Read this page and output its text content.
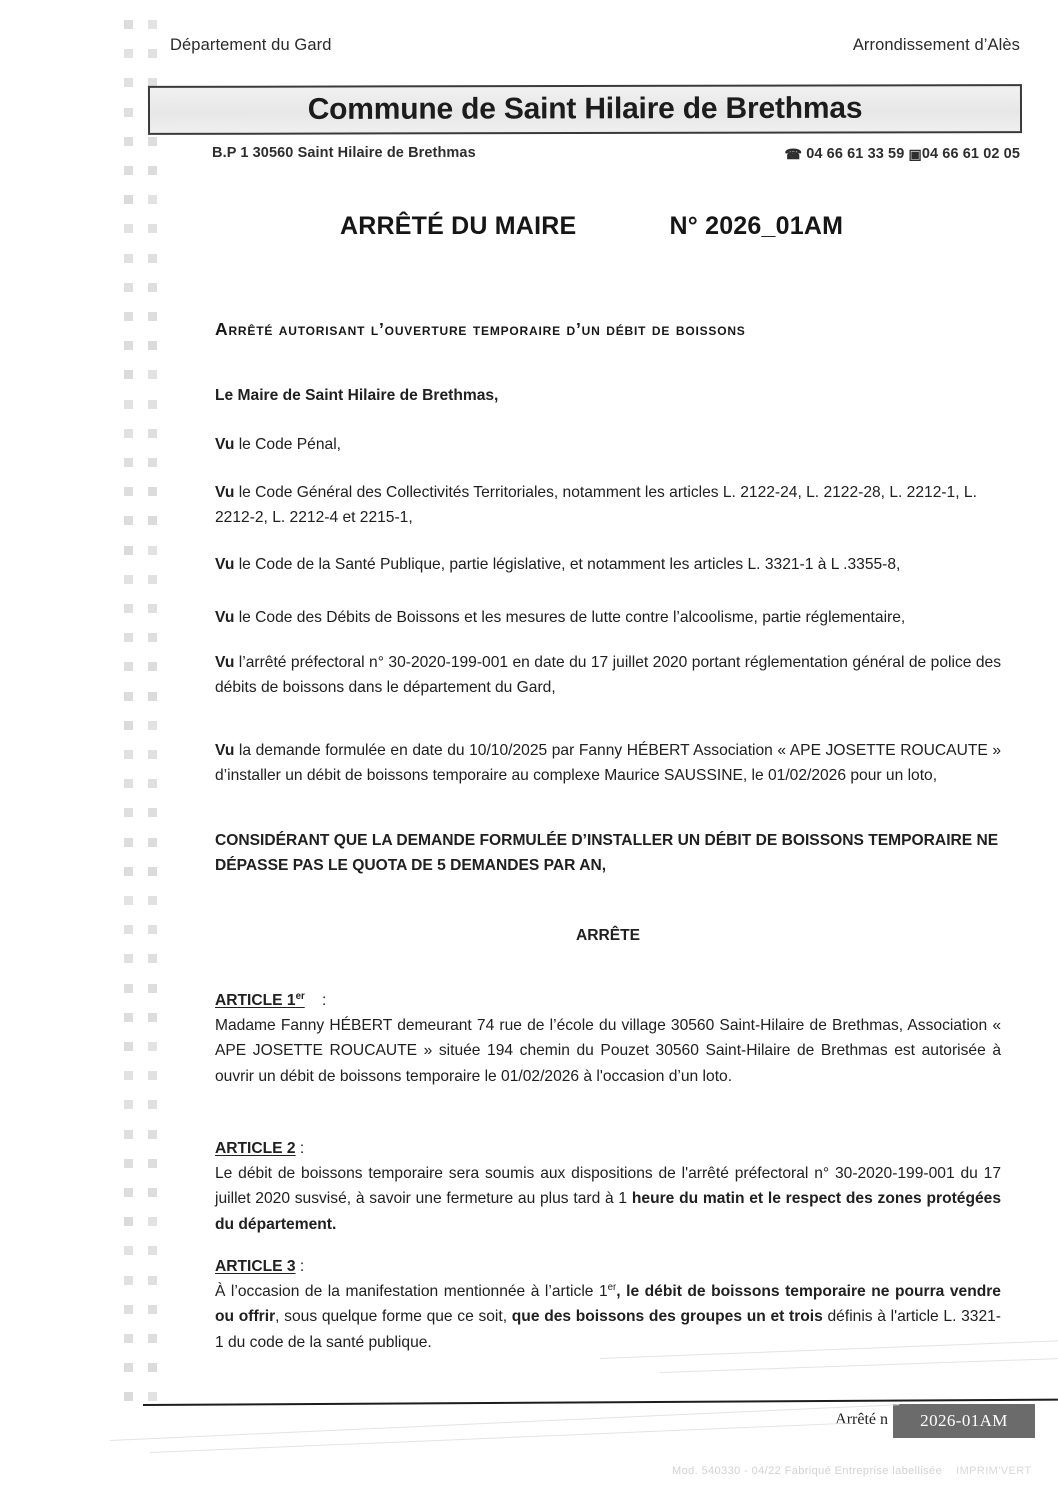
Département du Gard	Arrondissement d’Alès
Commune de Saint Hilaire de Brethmas
B.P 1 30560 Saint Hilaire de Brethmas	☎ 04 66 61 33 59 ▣04 66 61 02 05
ARRÊTÉ DU MAIRE	N° 2026_01AM
Arrêté autorisant l’ouverture temporaire d’un débit de boissons
Le Maire de Saint Hilaire de Brethmas,
Vu le Code Pénal,
Vu le Code Général des Collectivités Territoriales, notamment les articles L. 2122-24, L. 2122-28, L. 2212-1, L. 2212-2, L. 2212-4 et 2215-1,
Vu le Code de la Santé Publique, partie législative, et notamment les articles L. 3321-1 à L .3355-8,
Vu le Code des Débits de Boissons et les mesures de lutte contre l’alcoolisme, partie réglementaire,
Vu l’arrêté préfectoral n° 30-2020-199-001 en date du 17 juillet 2020 portant réglementation général de police des débits de boissons dans le département du Gard,
Vu la demande formulée en date du 10/10/2025 par Fanny HÉBERT Association « APE JOSETTE ROUCAUTE » d’installer un débit de boissons temporaire au complexe Maurice SAUSSINE, le 01/02/2026 pour un loto,
CONSIDÉRANT QUE LA DEMANDE FORMULÉE D’INSTALLER UN DÉBIT DE BOISSONS TEMPORAIRE NE DÉPASSE PAS LE QUOTA DE 5 DEMANDES PAR AN,
ARRÊTE
ARTICLE 1er	:
Madame Fanny HÉBERT demeurant 74 rue de l’école du village 30560 Saint-Hilaire de Brethmas, Association « APE JOSETTE ROUCAUTE » située 194 chemin du Pouzet 30560 Saint-Hilaire de Brethmas est autorisée à ouvrir un débit de boissons temporaire le 01/02/2026 à l'occasion d’un loto.
ARTICLE 2 :
Le débit de boissons temporaire sera soumis aux dispositions de l'arrêté préfectoral n° 30-2020-199-001 du 17 juillet 2020 susvisé, à savoir une fermeture au plus tard à 1 heure du matin et le respect des zones protégées du département.
ARTICLE 3 :
À l’occasion de la manifestation mentionnée à l’article 1er, le débit de boissons temporaire ne pourra vendre ou offrir, sous quelque forme que ce soit, que des boissons des groupes un et trois définis à l'article L. 3321-1 du code de la santé publique.
Arrêté n	2026-01AM
Mod. 540330 - 04/22 Fabriqué Entreprise labellisée IMPRIM'VERT
